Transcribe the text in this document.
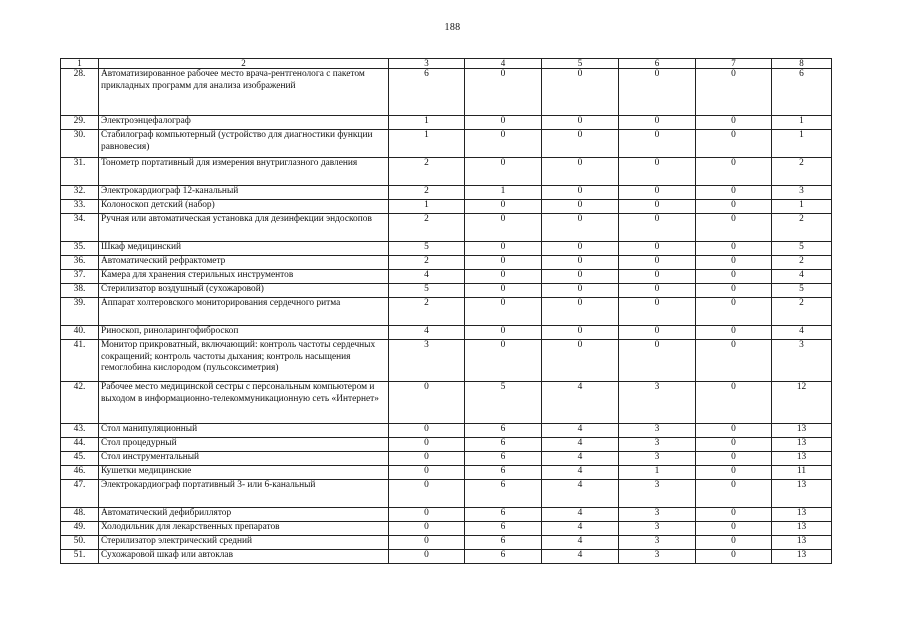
188
1	2	3	4	5	6	7	8
28.	Автоматизированное рабочее место врача-рентгенолога с пакетом прикладных программ для анализа изображений	6	0	0	0	0	6
29.	Электроэнцефалограф	1	0	0	0	0	1
30.	Стабилограф компьютерный (устройство для диагностики функции равновесия)	1	0	0	0	0	1
31.	Тонометр портативный для измерения внутриглазного давления	2	0	0	0	0	2
32.	Электрокардиограф 12-канальный	2	1	0	0	0	3
33.	Колоноскоп детский (набор)	1	0	0	0	0	1
34.	Ручная или автоматическая установка для дезинфекции эндоскопов	2	0	0	0	0	2
35.	Шкаф медицинский	5	0	0	0	0	5
36.	Автоматический рефрактометр	2	0	0	0	0	2
37.	Камера для хранения стерильных инструментов	4	0	0	0	0	4
38.	Стерилизатор воздушный (сухожаровой)	5	0	0	0	0	5
39.	Аппарат холтеровского мониторирования сердечного ритма	2	0	0	0	0	2
40.	Риноскоп, риноларингофиброскоп	4	0	0	0	0	4
41.	Монитор прикроватный, включающий: контроль частоты сердечных сокращений; контроль частоты дыхания; контроль насыщения гемоглобина кислородом (пульсоксиметрия)	3	0	0	0	0	3
42.	Рабочее место медицинской сестры с персональным компьютером и выходом в информационно-телекоммуникационную сеть «Интернет»	0	5	4	3	0	12
43.	Стол манипуляционный	0	6	4	3	0	13
44.	Стол процедурный	0	6	4	3	0	13
45.	Стол инструментальный	0	6	4	3	0	13
46.	Кушетки медицинские	0	6	4	1	0	11
47.	Электрокардиограф портативный 3- или 6-канальный	0	6	4	3	0	13
48.	Автоматический дефибриллятор	0	6	4	3	0	13
49.	Холодильник для лекарственных препаратов	0	6	4	3	0	13
50.	Стерилизатор электрический средний	0	6	4	3	0	13
51.	Сухожаровой шкаф или автоклав	0	6	4	3	0	13
